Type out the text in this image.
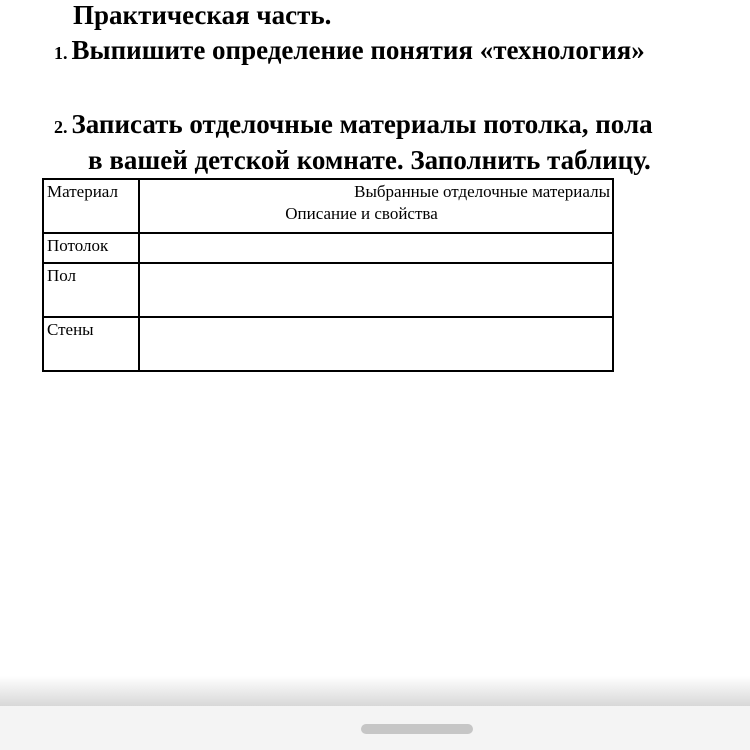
Практическая часть.
1. Выпишите определение понятия «технология»
2. Записать отделочные материалы потолка, пола
в вашей детской комнате. Заполнить таблицу.
Материал	Выбранные отделочные материалы
Описание и свойства

Потолок	
Пол	
Стены	
